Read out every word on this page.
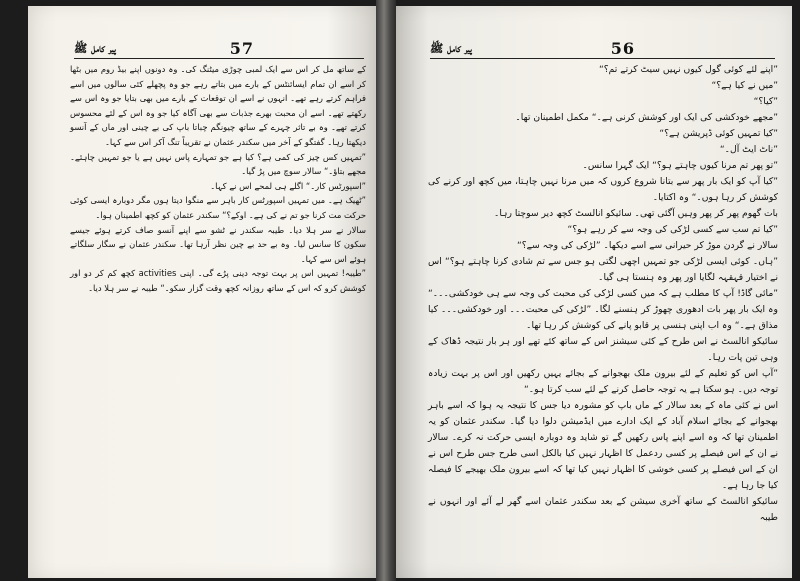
پیر کامل ﷺ	57	پیر کامل ﷺ	56

کے ساتھ مل کر اس سے ایک لمبی چوڑی میٹنگ کی۔ وہ دونوں اپنے بیڈ روم میں بٹھا کر اسے ان تمام ایسائنٹس کے بارے میں بتاتے رہے جو وہ پچھلے کئی سالوں میں اسے فراہم کرتے رہے تھے۔ انہوں نے اسے ان توقعات کے بارے میں بھی بتایا جو وہ اس سے رکھتے تھے۔ اسے ان محبت بھرے جذبات سے بھی آگاہ کیا جو وہ اس کے لئے محسوس کرتے تھے۔ وہ بے تاثر چہرے کے ساتھ چیونگم چباتا باپ کی بے چینی اور ماں کے آنسو دیکھتا رہا۔ گفتگو کے آخر میں سکندر عثمان نے تقریباً تنگ آکر اس سے کہا۔

”تمہیں کس چیز کی کمی ہے؟ کیا ہے جو تمہارے پاس نہیں ہے یا جو تمہیں چاہئے۔ مجھے بتاؤ۔“ سالار سوچ میں پڑ گیا۔

”اسپورٹس کار۔“ اگلے ہی لمحے اس نے کہا۔

”ٹھیک ہے۔ میں تمہیں اسپورٹس کار باہر سے منگوا دیتا ہوں مگر دوبارہ ایسی کوئی حرکت مت کرنا جو تم نے کی ہے۔ اوکے؟“ سکندر عثمان کو کچھ اطمینان ہوا۔

سالار نے سر ہلا دیا۔ طیبہ سکندر نے ٹشو سے اپنے آنسو صاف کرتے ہوئے جیسے سکون کا سانس لیا۔ وہ بے حد بے چین نظر آرہا تھا۔ سکندر عثمان نے سگار سلگاتے ہوئے اس سے کہا۔

”طیبہ! تمہیں اس پر بہت توجہ دینی پڑے گی۔ اپنی activities کچھ کم کر دو اور کوشش کرو کہ اس کے ساتھ روزانہ کچھ وقت گزار سکو۔“ طیبہ نے سر ہلا دیا۔

”اپنے لئے کوئی گول کیوں نہیں سیٹ کرتے تم؟“

”میں نے کیا ہے؟“

”کیا؟“

”مجھے خودکشی کی ایک اور کوشش کرنی ہے۔“ مکمل اطمینان تھا۔

”کیا تمہیں کوئی ڈپریشن ہے؟“

”ناٹ ایٹ آل۔“

”تو پھر تم مرنا کیوں چاہتے ہو؟“ ایک گہرا سانس۔

”کیا آپ کو ایک بار پھر سے بتانا شروع کروں کہ میں مرنا نہیں چاہتا، میں کچھ اور کرنے کی کوشش کر رہا ہوں۔“ وہ اکتایا۔

بات گھوم پھر کر پھر وہیں آگئی تھی۔ سائیکو انالسٹ کچھ دیر سوچتا رہا۔

”کیا تم سب سے کسی لڑکی کی وجہ سے کر رہے ہو؟“

سالار نے گردن موڑ کر حیرانی سے اسے دیکھا۔ ”لڑکی کی وجہ سے؟“

”ہاں۔ کوئی ایسی لڑکی جو تمہیں اچھی لگتی ہو جس سے تم شادی کرنا چاہتے ہو؟“ اس نے اختیار قہقہہ لگایا اور پھر وہ ہنستا ہی گیا۔

”مائی گاڈ! آپ کا مطلب ہے کہ میں کسی لڑکی کی محبت کی وجہ سے ہی خودکشی۔۔۔“ وہ ایک بار پھر بات ادھوری چھوڑ کر ہنسنے لگا۔ ”لڑکی کی محبت۔۔۔ اور خودکشی۔۔۔ کیا مذاق ہے۔“ وہ اب اپنی ہنسی پر قابو پانے کی کوشش کر رہا تھا۔

سائیکو انالسٹ نے اس طرح کے کئی سیشنز اس کے ساتھ کئے تھے اور ہر بار نتیجہ ڈھاک کے وہی تین پات رہا۔

”آپ اس کو تعلیم کے لئے بیرون ملک بھجوانے کے بجائے یہیں رکھیں اور اس پر بہت زیادہ توجہ دیں۔ ہو سکتا ہے یہ توجہ حاصل کرنے کے لئے سب کرتا ہو۔“

اس نے کئی ماہ کے بعد سالار کے ماں باپ کو مشورہ دیا جس کا نتیجہ یہ ہوا کہ اسے باہر بھجوانے کے بجائے اسلام آباد کے ایک ادارے میں ایڈمیشن دلوا دیا گیا۔ سکندر عثمان کو یہ اطمینان تھا کہ وہ اسے اپنے پاس رکھیں گے تو شاید وہ دوبارہ ایسی حرکت نہ کرے۔ سالار نے ان کے اس فیصلے پر کسی ردعمل کا اظہار نہیں کیا بالکل اسی طرح جس طرح اس نے ان کے اس فیصلے پر کسی خوشی کا اظہار نہیں کیا تھا کہ اسے بیرون ملک بھیجے کا فیصلہ کیا جا رہا ہے۔

سائیکو انالسٹ کے ساتھ آخری سیشن کے بعد سکندر عثمان اسے گھر لے آئے اور انہوں نے طیبہ
